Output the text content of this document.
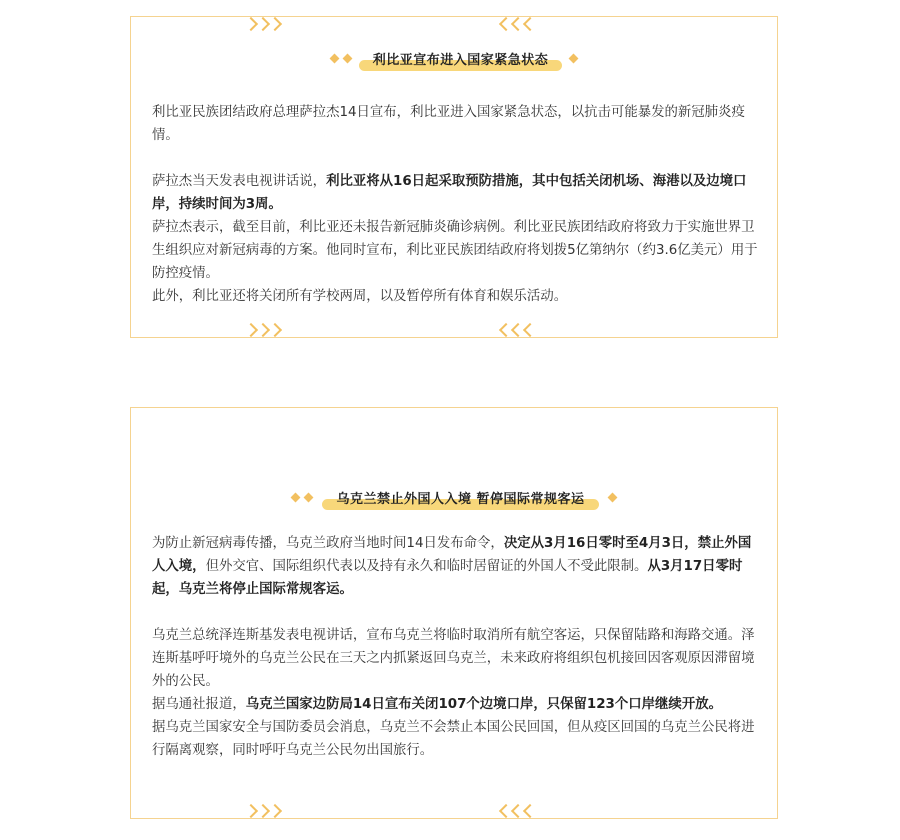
利比亚宣布进入国家紧急状态

利比亚民族团结政府总理萨拉杰14日宣布，利比亚进入国家紧急状态，以抗击可能暴发的新冠肺炎疫情。

萨拉杰当天发表电视讲话说，利比亚将从16日起采取预防措施，其中包括关闭机场、海港以及边境口岸，持续时间为3周。

萨拉杰表示，截至目前，利比亚还未报告新冠肺炎确诊病例。利比亚民族团结政府将致力于实施世界卫生组织应对新冠病毒的方案。他同时宣布，利比亚民族团结政府将划拨5亿第纳尔（约3.6亿美元）用于防控疫情。

此外，利比亚还将关闭所有学校两周，以及暂停所有体育和娱乐活动。

乌克兰禁止外国人入境 暂停国际常规客运

为防止新冠病毒传播，乌克兰政府当地时间14日发布命令，决定从3月16日零时至4月3日，禁止外国人入境，但外交官、国际组织代表以及持有永久和临时居留证的外国人不受此限制。从3月17日零时起，乌克兰将停止国际常规客运。

乌克兰总统泽连斯基发表电视讲话，宣布乌克兰将临时取消所有航空客运，只保留陆路和海路交通。泽连斯基呼吁境外的乌克兰公民在三天之内抓紧返回乌克兰，未来政府将组织包机接回因客观原因滞留境外的公民。

据乌通社报道，乌克兰国家边防局14日宣布关闭107个边境口岸，只保留123个口岸继续开放。

据乌克兰国家安全与国防委员会消息，乌克兰不会禁止本国公民回国，但从疫区回国的乌克兰公民将进行隔离观察，同时呼吁乌克兰公民勿出国旅行。
